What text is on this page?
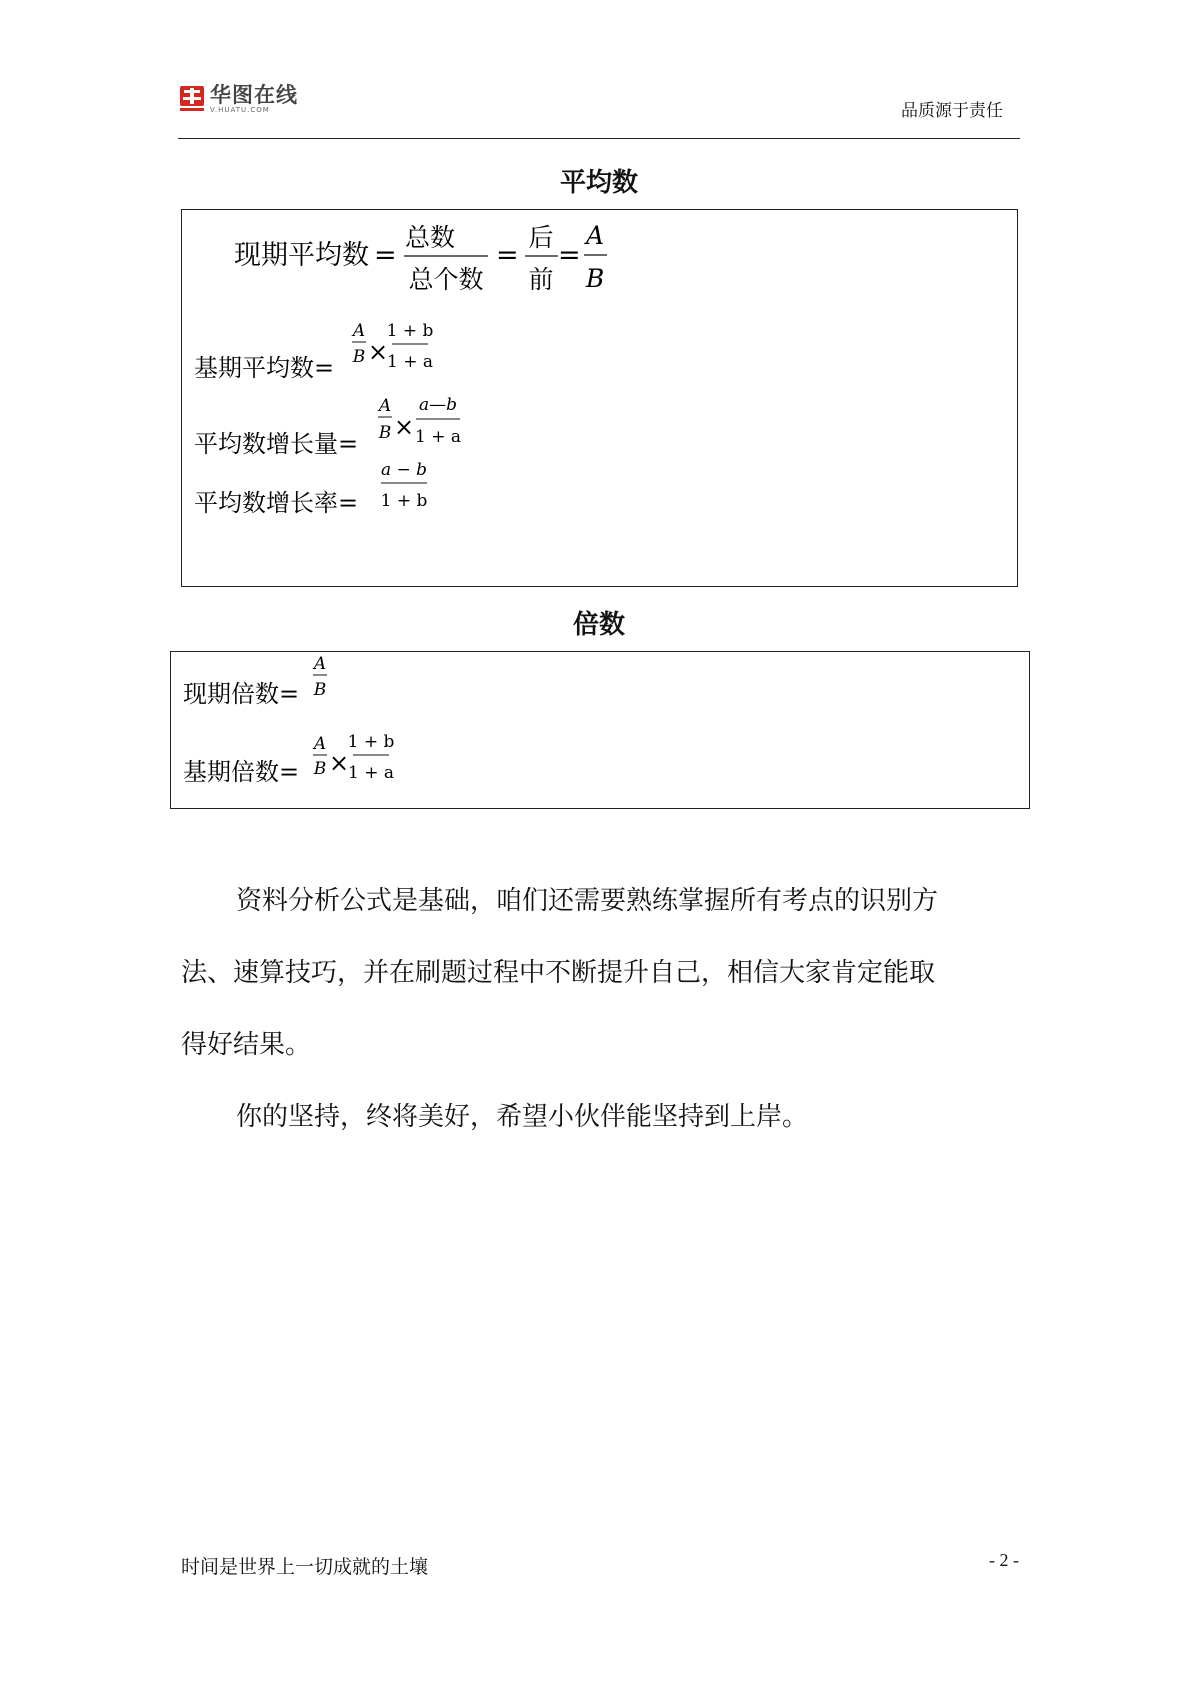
华图在线
V.HUATU.COM	品质源于责任
平均数
现期平均数 =
总数
总个数
=
后
前
=
A
B
基期平均数=
A
B ×
1 + b
1 + a
平均数增长量=
A
B ×
a—b
1 + a
平均数增长率=
a − b
1 + b
倍数
现期倍数=
A
B
基期倍数=
A
B ×
1 + b
1 + a
资料分析公式是基础，咱们还需要熟练掌握所有考点的识别方
法、速算技巧，并在刷题过程中不断提升自己，相信大家肯定能取
得好结果。
你的坚持，终将美好，希望小伙伴能坚持到上岸。
时间是世界上一切成就的土壤	- 2 -
